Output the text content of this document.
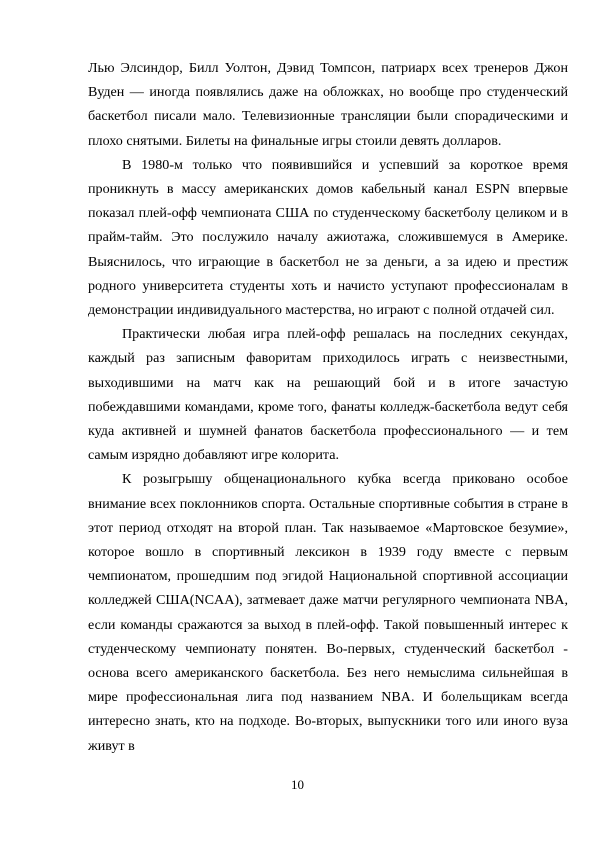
Лью Элсиндор, Билл Уолтон, Дэвид Томпсон, патриарх всех тренеров Джон Вуден — иногда появлялись даже на обложках, но вообще про студенческий баскетбол писали мало. Телевизионные трансляции были спорадическими и плохо снятыми. Билеты на финальные игры стоили девять долларов.

В 1980-м только что появившийся и успевший за короткое время проникнуть в массу американских домов кабельный канал ESPN впервые показал плей-офф чемпионата США по студенческому баскетболу целиком и в прайм-тайм. Это послужило началу ажиотажа, сложившемуся в Америке. Выяснилось, что играющие в баскетбол не за деньги, а за идею и престиж родного университета студенты хоть и начисто уступают профессионалам в демонстрации индивидуального мастерства, но играют с полной отдачей сил.

Практически любая игра плей-офф решалась на последних секундах, каждый раз записным фаворитам приходилось играть с неизвестными, выходившими на матч как на решающий бой и в итоге зачастую побеждавшими командами, кроме того, фанаты колледж-баскетбола ведут себя куда активней и шумней фанатов баскетбола профессионального — и тем самым изрядно добавляют игре колорита.

К розыгрышу общенационального кубка всегда приковано особое внимание всех поклонников спорта. Остальные спортивные события в стране в этот период отходят на второй план. Так называемое «Мартовское безумие», которое вошло в спортивный лексикон в 1939 году вместе с первым чемпионатом, прошедшим под эгидой Национальной спортивной ассоциации колледжей США(NCAA), затмевает даже матчи регулярного чемпионата NBA, если команды сражаются за выход в плей-офф. Такой повышенный интерес к студенческому чемпионату понятен. Во-первых, студенческий баскетбол - основа всего американского баскетбола. Без него немыслима сильнейшая в мире профессиональная лига под названием NBA. И болельщикам всегда интересно знать, кто на подходе. Во-вторых, выпускники того или иного вуза живут в

10
